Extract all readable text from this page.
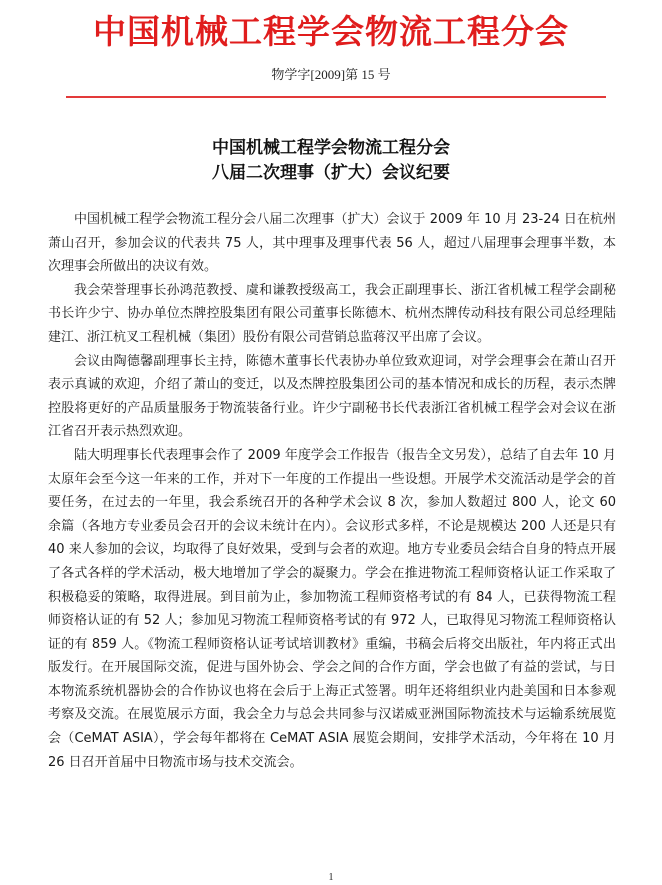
中国机械工程学会物流工程分会
物学字[2009]第 15 号
中国机械工程学会物流工程分会
八届二次理事（扩大）会议纪要

中国机械工程学会物流工程分会八届二次理事（扩大）会议于 2009 年 10 月 23-24 日在杭州萧山召开，参加会议的代表共 75 人，其中理事及理事代表 56 人，超过八届理事会理事半数，本次理事会所做出的决议有效。

我会荣誉理事长孙鸿范教授、虞和谦教授级高工，我会正副理事长、浙江省机械工程学会副秘书长许少宁、协办单位杰牌控股集团有限公司董事长陈德木、杭州杰牌传动科技有限公司总经理陆建江、浙江杭叉工程机械（集团）股份有限公司营销总监蒋汉平出席了会议。

会议由陶德馨副理事长主持，陈德木董事长代表协办单位致欢迎词，对学会理事会在萧山召开表示真诚的欢迎，介绍了萧山的变迁，以及杰牌控股集团公司的基本情况和成长的历程，表示杰牌控股将更好的产品质量服务于物流装备行业。许少宁副秘书长代表浙江省机械工程学会对会议在浙江省召开表示热烈欢迎。

陆大明理事长代表理事会作了 2009 年度学会工作报告（报告全文另发），总结了自去年 10 月太原年会至今这一年来的工作，并对下一年度的工作提出一些设想。开展学术交流活动是学会的首要任务，在过去的一年里，我会系统召开的各种学术会议 8 次，参加人数超过 800 人，论文 60 余篇（各地方专业委员会召开的会议未统计在内）。会议形式多样，不论是规模达 200 人还是只有 40 来人参加的会议，均取得了良好效果，受到与会者的欢迎。地方专业委员会结合自身的特点开展了各式各样的学术活动，极大地增加了学会的凝聚力。学会在推进物流工程师资格认证工作采取了积极稳妥的策略，取得进展。到目前为止，参加物流工程师资格考试的有 84 人，已获得物流工程师资格认证的有 52 人；参加见习物流工程师资格考试的有 972 人，已取得见习物流工程师资格认证的有 859 人。《物流工程师资格认证考试培训教材》重编，书稿会后将交出版社，年内将正式出版发行。在开展国际交流，促进与国外协会、学会之间的合作方面，学会也做了有益的尝试，与日本物流系统机器协会的合作协议也将在会后于上海正式签署。明年还将组织业内赴美国和日本参观考察及交流。在展览展示方面，我会全力与总会共同参与汉诺威亚洲国际物流技术与运输系统展览会（CeMAT ASIA），学会每年都将在 CeMAT ASIA 展览会期间，安排学术活动，今年将在 10 月 26 日召开首届中日物流市场与技术交流会。

1
